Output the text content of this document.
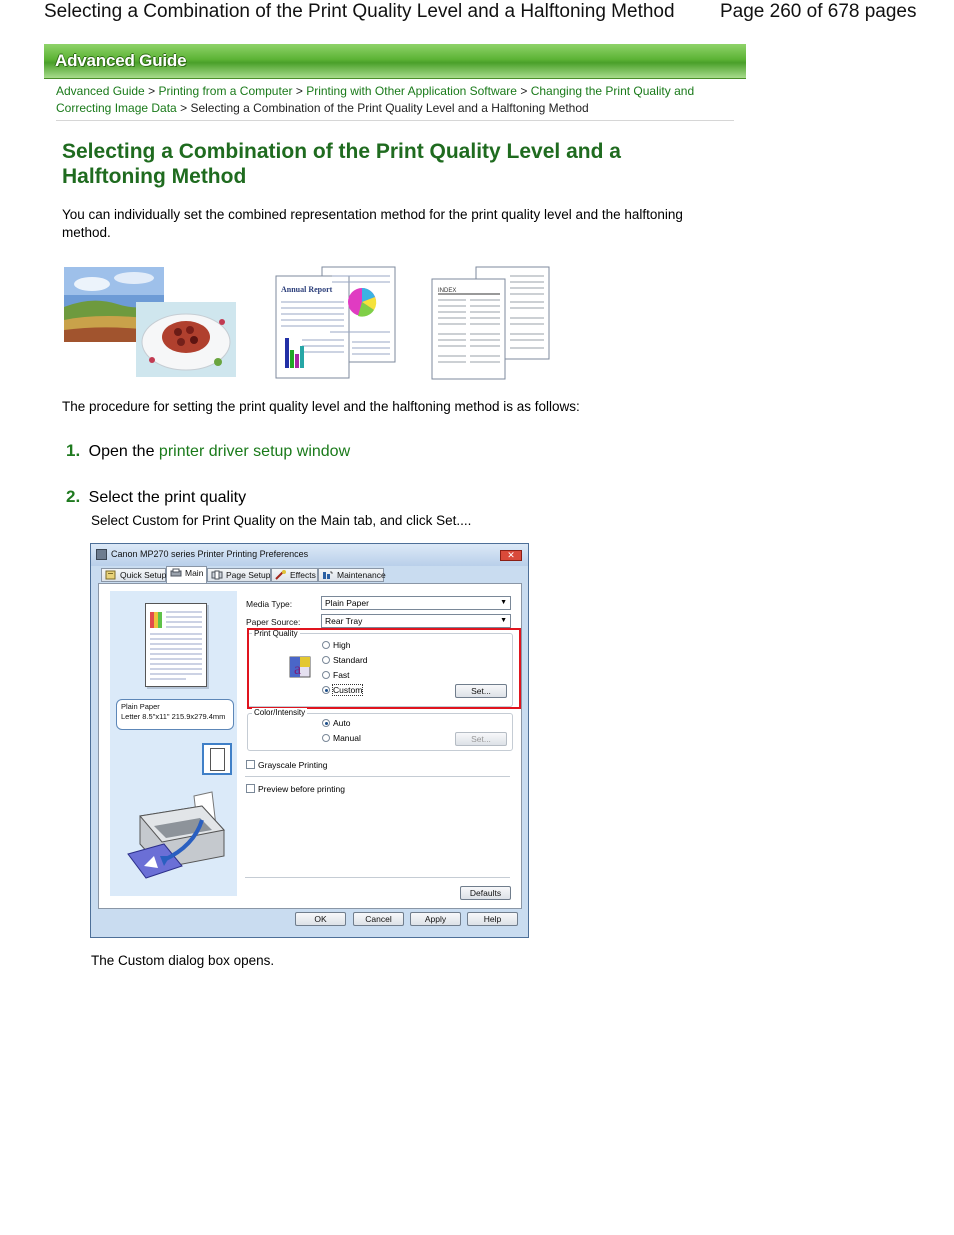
Selecting a Combination of the Print Quality Level and a Halftoning Method Page 260 of 678 pages
Advanced Guide
Advanced Guide > Printing from a Computer > Printing with Other Application Software > Changing the Print Quality and Correcting Image Data > Selecting a Combination of the Print Quality Level and a Halftoning Method
Selecting a Combination of the Print Quality Level and a Halftoning Method

You can individually set the combined representation method for the print quality level and the halftoning method.

Annual Report	INDEX

The procedure for setting the print quality level and the halftoning method is as follows:

1. Open the printer driver setup window
2. Select the print quality

Select Custom for Print Quality on the Main tab, and click Set....

Canon MP270 series Printer Printing Preferences	✕
Quick Setup	Main	Page Setup	Effects	Maintenance
Plain Paper
Letter 8.5"x11" 215.9x279.4mm
Media Type:	Plain Paper	▼
Paper Source:	Rear Tray	▼
Print Quality
a
High
Standard
Fast
Custom	Set...
Color/Intensity
Auto
Manual	Set...
Grayscale Printing
Preview before printing
Defaults
OK	Cancel	Apply	Help

The Custom dialog box opens.
